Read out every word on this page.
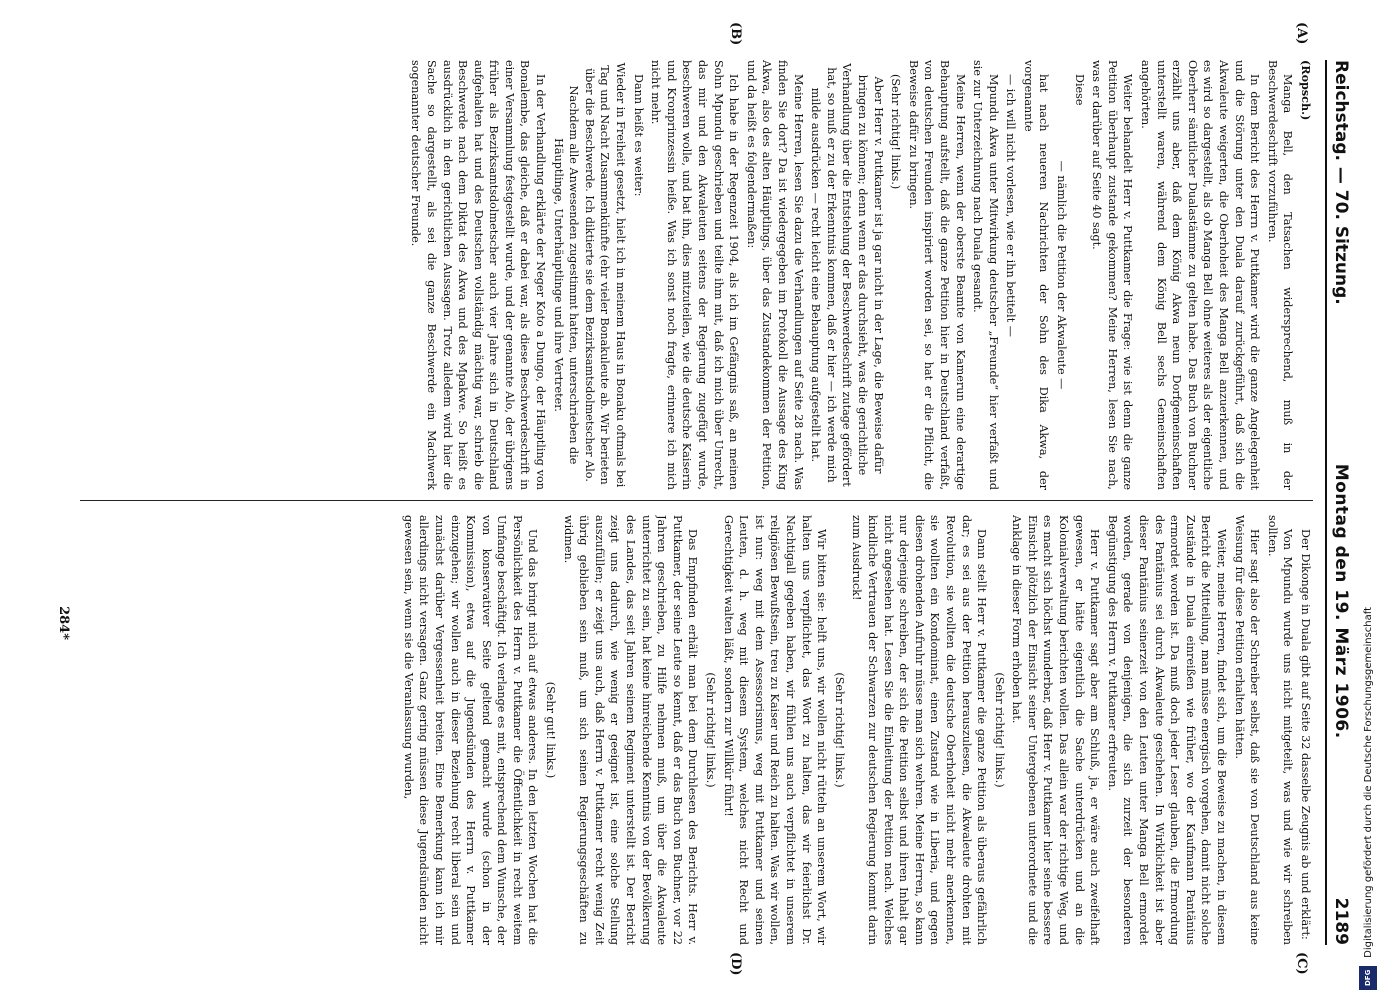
Reichstag. — 70. Sitzung.
Montag den 19. März 1906.
2189
(A)
(B)
(C)
(D)

(Ropsch.)

Manga Bell, den Tatsachen widersprechend, muß in der Beschwerdeschrift vorzuführen.

In dem Bericht des Herrn v. Puttkamer wird die ganze Angelegenheit und die Störung unter den Duala darauf zurückgeführt, daß sich die Akwaleute weigerten, die Oberhoheit des Manga Bell anzuerkennen, und es wird so dargestellt, als ob Manga Bell ohne weiteres als der eigentliche Oberherr sämtlicher Dualastämme zu gelten habe. Das Buch von Buchner erzählt uns aber, daß dem König Akwa neun Dorfgemeinschaften unterstellt waren, während dem König Bell sechs Gemeinschaften angehörten.

Weiter behandelt Herr v. Puttkamer die Frage: wie ist denn die ganze Petition überhaupt zustande gekommen? Meine Herren, lesen Sie nach, was er darüber auf Seite 40 sagt.

Diese

— nämlich die Petition der Akwaleute —

hat nach neueren Nachrichten der Sohn des Dika Akwa, der vorgenannte

— ich will nicht vorlesen, wie er ihn betitelt —

Mpundu Akwa unter Mitwirkung deutscher „Freunde“ hier verfaßt und sie zur Unterzeichnung nach Duala gesandt.

Meine Herren, wenn der oberste Beamte von Kamerun eine derartige Behauptung aufstellt, daß die ganze Petition hier in Deutschland verfaßt, von deutschen Freunden inspiriert worden sei, so hat er die Pflicht, die Beweise dafür zu bringen.

(Sehr richtig! links.)

Aber Herr v. Puttkamer ist ja gar nicht in der Lage, die Beweise dafür bringen zu können; denn wenn er das durchsieht, was die gerichtliche Verhandlung über die Entstehung der Beschwerdeschrift zutage gefördert hat, so muß er zu der Erkenntnis kommen, daß er hier — ich werde mich milde ausdrücken — recht leicht eine Behauptung aufgestellt hat.

Meine Herren, lesen Sie dazu die Verhandlungen auf Seite 28 nach. Was finden Sie dort? Da ist wiedergegeben im Protokoll die Aussage des King Akwa, also des alten Häuptlings, über das Zustandekommen der Petition, und da heißt es folgendermaßen:

Ich habe in der Regenzeit 1904, als ich im Gefängnis saß, an meinen Sohn Mpundu geschrieben und teilte ihm mit, daß ich mich über Unrecht, das mir und den Akwaleuten seitens der Regierung zugefügt wurde, beschweren wolle, und bat ihn, dies mitzuteilen, wie die deutsche Kaiserin und Kronprinzessin heiße. Was ich sonst noch fragte, erinnere ich mich nicht mehr.

Dann heißt es weiter:

Wieder in Freiheit gesetzt, hielt ich in meinem Haus in Bonaku oftmals bei Tag und Nacht Zusammenkünfte (ehr vieler Bonakuleute ab. Wir berieten über die Beschwerde. Ich diktierte sie dem Bezirksamtsdolmetscher Alo. Nachdem alle Anwesenden zugestimmt hatten, unterschrieben die Häuptlinge, Unterhäuptlinge und ihre Vertreter.

In der Verhandlung erklärte der Neger Koto a Dungo, der Häuptling von Bonalembe, das gleiche, daß er dabei war, als diese Beschwerdeschrift in einer Versammlung festgestellt wurde, und der genannte Alo, der übrigens früher als Bezirksamtsdolmetscher auch vier Jahre sich in Deutschland aufgehalten hat und des Deutschen vollständig mächtig war, schrieb die Beschwerde nach dem Diktat des Akwa und des Mpakwe. So heißt es ausdrücklich in den gerichtlichen Aussagen. Trotz alledem wird hier die Sache so dargestellt, als sei die ganze Beschwerde ein Machwerk sogenannter deutscher Freunde.

Der Dikonge in Duala gibt auf Seite 32 dasselbe Zeugnis ab und erklärt:

Von Mpundu wurde uns nicht mitgeteilt, was und wie wir schreiben sollten.

Hier sagt also der Schreiber selbst, daß sie von Deutschland aus keine Weisung für diese Petition erhalten hätten.

Weiter, meine Herren, findet sich, um die Beweise zu machen, in diesem Bericht die Mitteilung, man müsse energisch vorgehen, damit nicht solche Zustände in Duala einreißen wie früher, wo der Kaufmann Pantänius ermordet worden ist. Da muß doch jeder Leser glauben, die Ermordung des Pantänius sei durch Akwaleute geschehen. In Wirklichkeit ist aber dieser Pantänius seinerzeit von den Leuten unter Manga Bell ermordet worden, gerade von denjenigen, die sich zurzeit der besonderen Begünstigung des Herrn v. Puttkamer erfreuten.

Herr v. Puttkamer sagt aber am Schluß, ja, er wäre auch zweifelhaft gewesen, er hätte eigentlich die Sache unterdrücken und an die Kolonialverwaltung berichten wollen. Das allein war der richtige Weg, und es macht sich höchst wunderbar, daß Herr v. Puttkamer hier seine bessere Einsicht plötzlich der Einsicht seiner Untergebenen unterordnete und die Anklage in dieser Form erhoben hat.

(Sehr richtig! links.)

Dann stellt Herr v. Puttkamer die ganze Petition als überaus gefährlich dar; es sei aus der Petition herauszulesen, die Akwaleute drohten mit Revolution, sie wollten die deutsche Oberhoheit nicht mehr anerkennen, sie wollten ein Kondominat, einen Zustand wie in Liberia, und gegen diesen drohenden Aufruhr müsse man sich wehren. Meine Herren, so kann nur derjenige schreiben, der sich die Petition selbst und ihren Inhalt gar nicht angesehen hat. Lesen Sie die Einleitung der Petition nach. Welches kindliche Vertrauen der Schwarzen zur deutschen Regierung kommt darin zum Ausdruck!

(Sehr richtig! links.)

Wir bitten sie: helft uns, wir wollen nicht rütteln an unserem Wort, wir halten uns verpflichtet, das Wort zu halten, das wir feierlichst Dr. Nachtigall gegeben haben, wir fühlen uns auch verpflichtet in unserem religiösen Bewußtsein, treu zu Kaiser und Reich zu halten. Was wir wollen, ist nur: weg mit dem Assessorismus, weg mit Puttkamer und seinen Leuten, d. h. weg mit diesem System, welches nicht Recht und Gerechtigkeit walten läßt, sondern zur Willkür führt!

(Sehr richtig! links.)

Das Empfinden erhält man bei dem Durchlesen des Berichts. Herr v. Puttkamer, der seine Leute so kennt, daß er das Buch von Buchner, vor 22 Jahren geschrieben, zu Hilfe nehmen muß, um über die Akwaleute unterrichtet zu sein, hat keine hinreichende Kenntnis von der Bevölkerung des Landes, das seit Jahren seinem Regiment unterstellt ist. Der Bericht zeigt uns dadurch, wie wenig er geeignet ist, eine solche Stellung auszufüllen; er zeigt uns auch, daß Herrn v. Puttkamer recht wenig Zeit übrig geblieben sein muß, um sich seinen Regierungsgeschäften zu widmen.

(Sehr gut! links.)

Und das bringt mich auf etwas anderes. In den letzten Wochen hat die Persönlichkeit des Herrn v. Puttkamer die Öffentlichkeit in recht weitem Umfange beschäftigt. Ich verlange es mit, entsprechend dem Wunsche, der von konservativer Seite geltend gemacht wurde (schon in der Kommission), etwa auf die Jugendsünden des Herrn v. Puttkamer einzugehen; wir wollen auch in dieser Beziehung recht liberal sein und zunächst darüber Vergessenheit breiten. Eine Bemerkung kann ich mir allerdings nicht versagen. Ganz gering müssen diese Jugendsünden nicht gewesen sein, wenn sie die Veranlassung wurden,

284*	Digitalisierung gefördert durch die Deutsche Forschungsgemeinschaft
DFG
